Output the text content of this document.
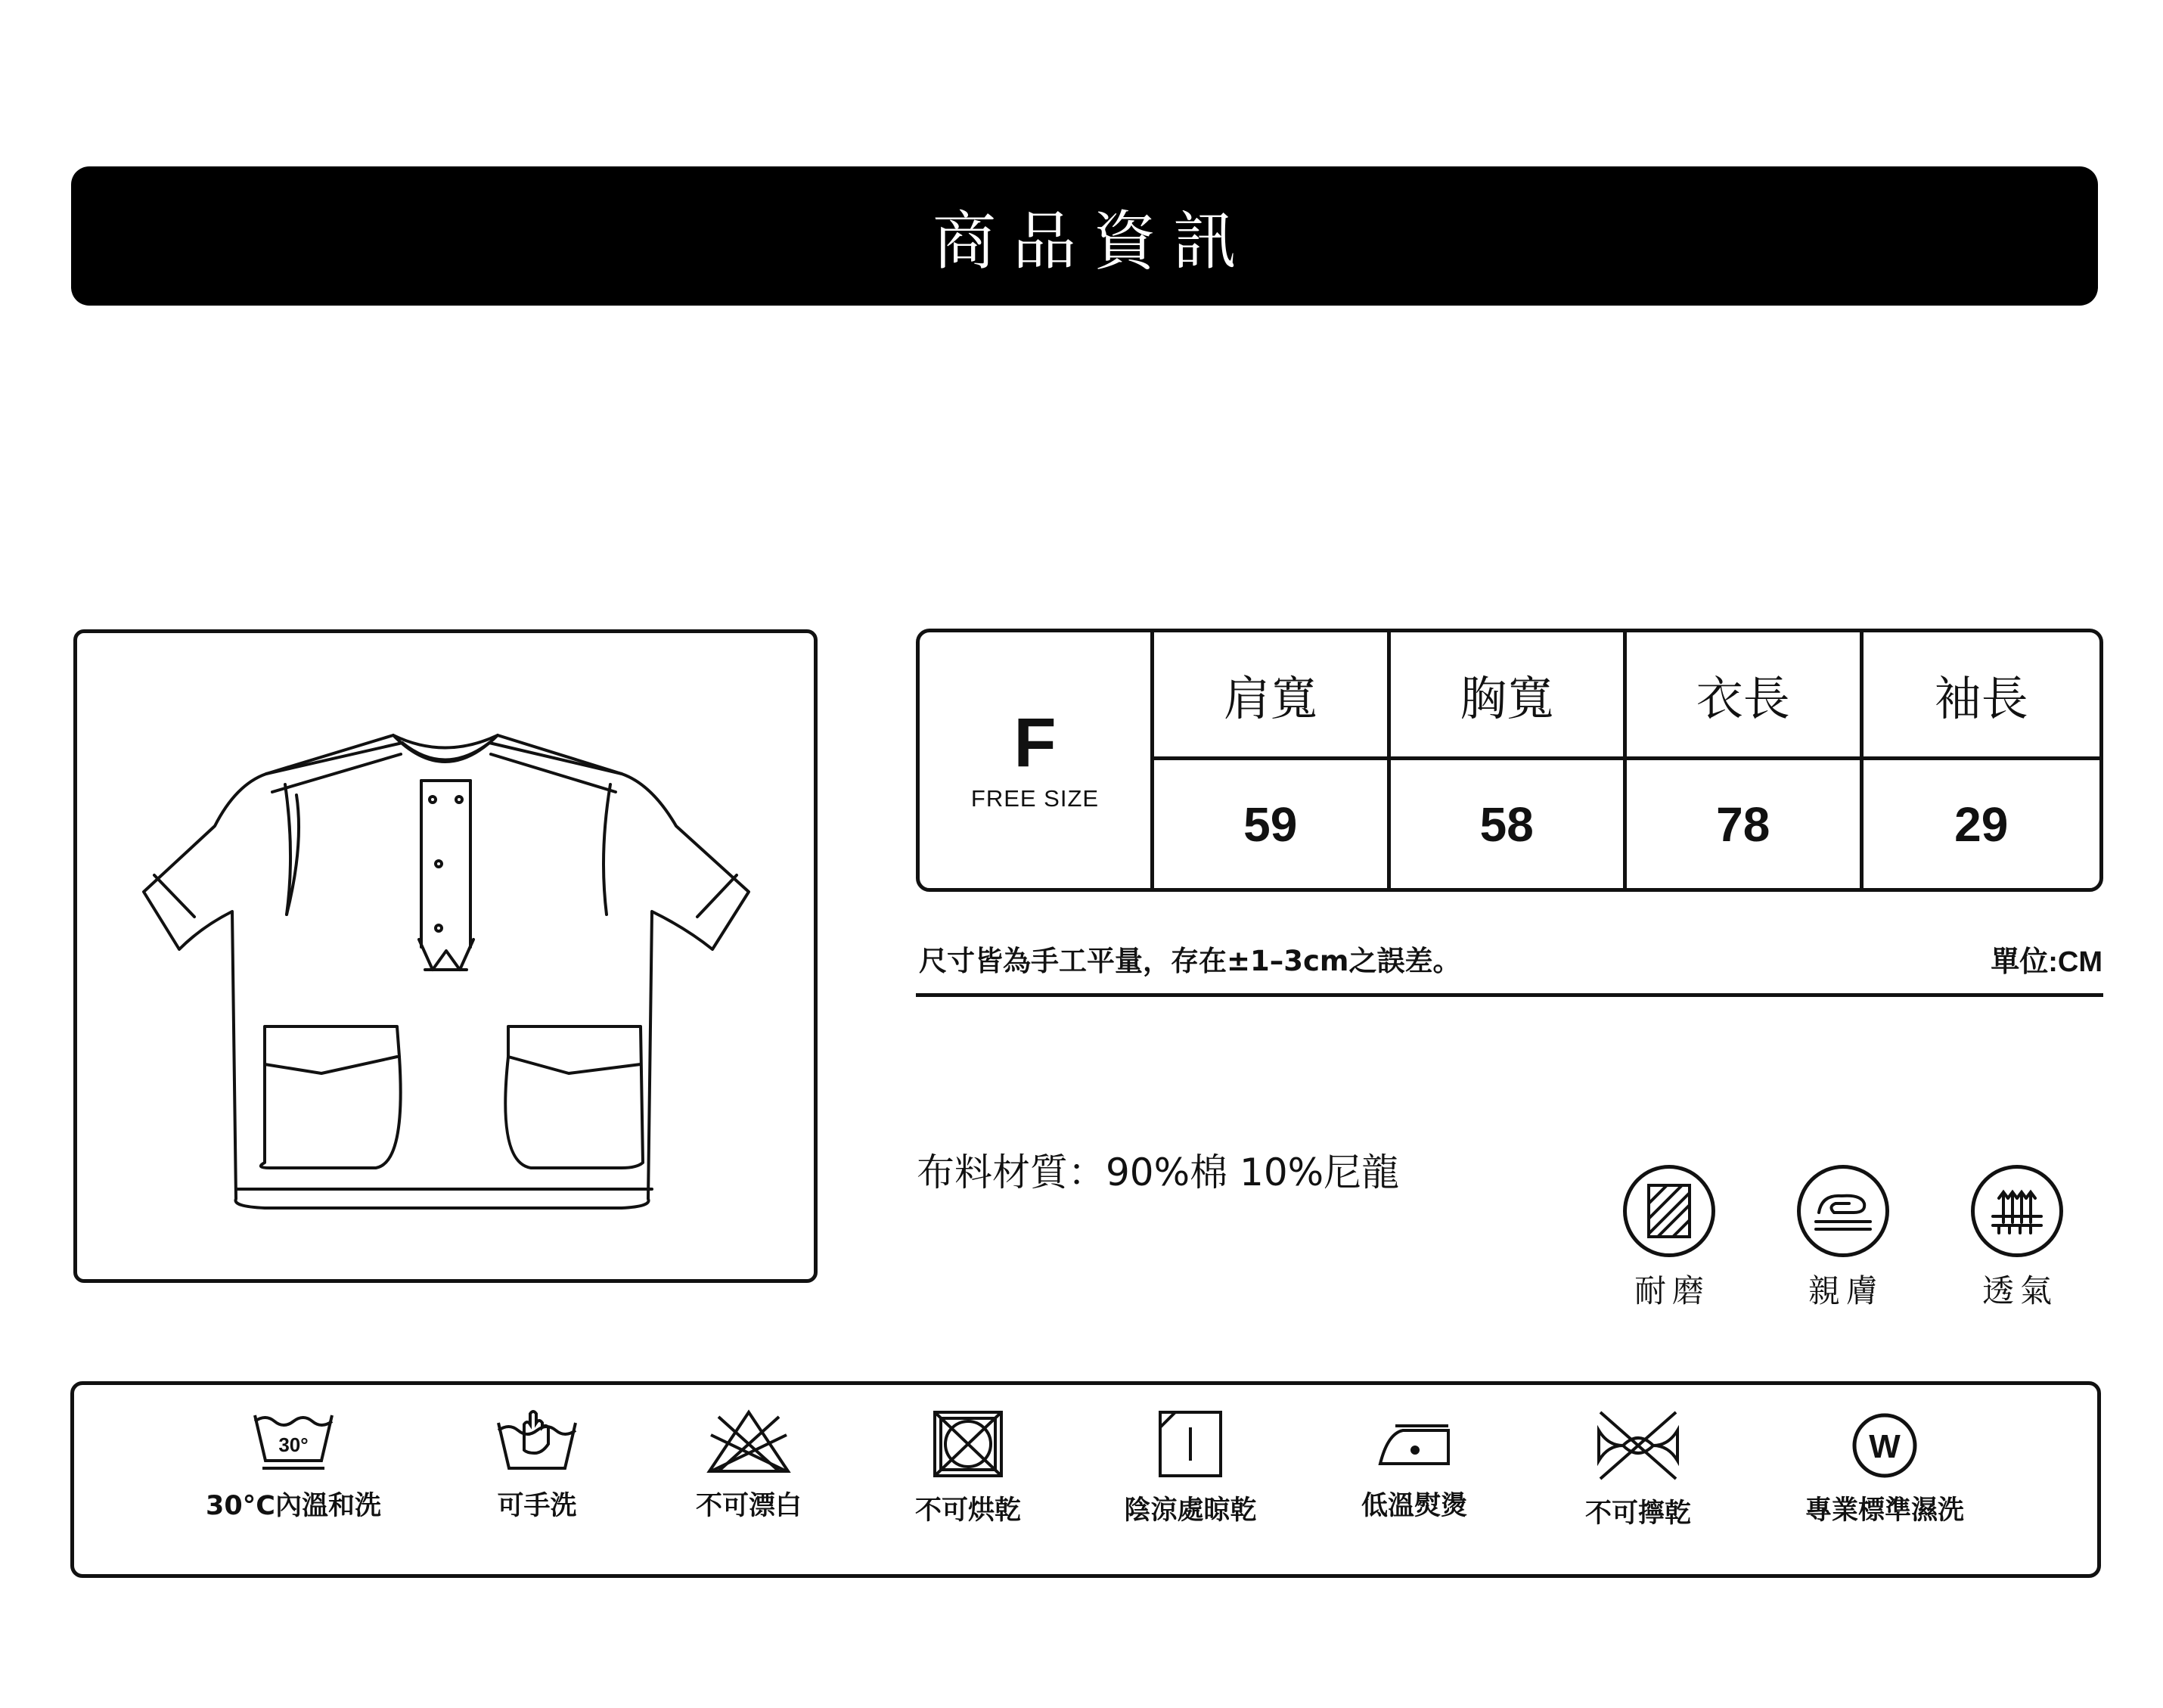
商品資訊
F
FREE SIZE
肩寬	胸寬	衣長	袖長
59	58	78	29
尺寸皆為手工平量，存在±1–3cm之誤差。	單位:CM
布料材質：90%棉 10%尼龍
耐磨	親膚	透氣
30°
30°C內溫和洗	可手洗	不可漂白	不可烘乾	陰涼處晾乾	低溫熨燙	不可擰乾
W
專業標準濕洗
